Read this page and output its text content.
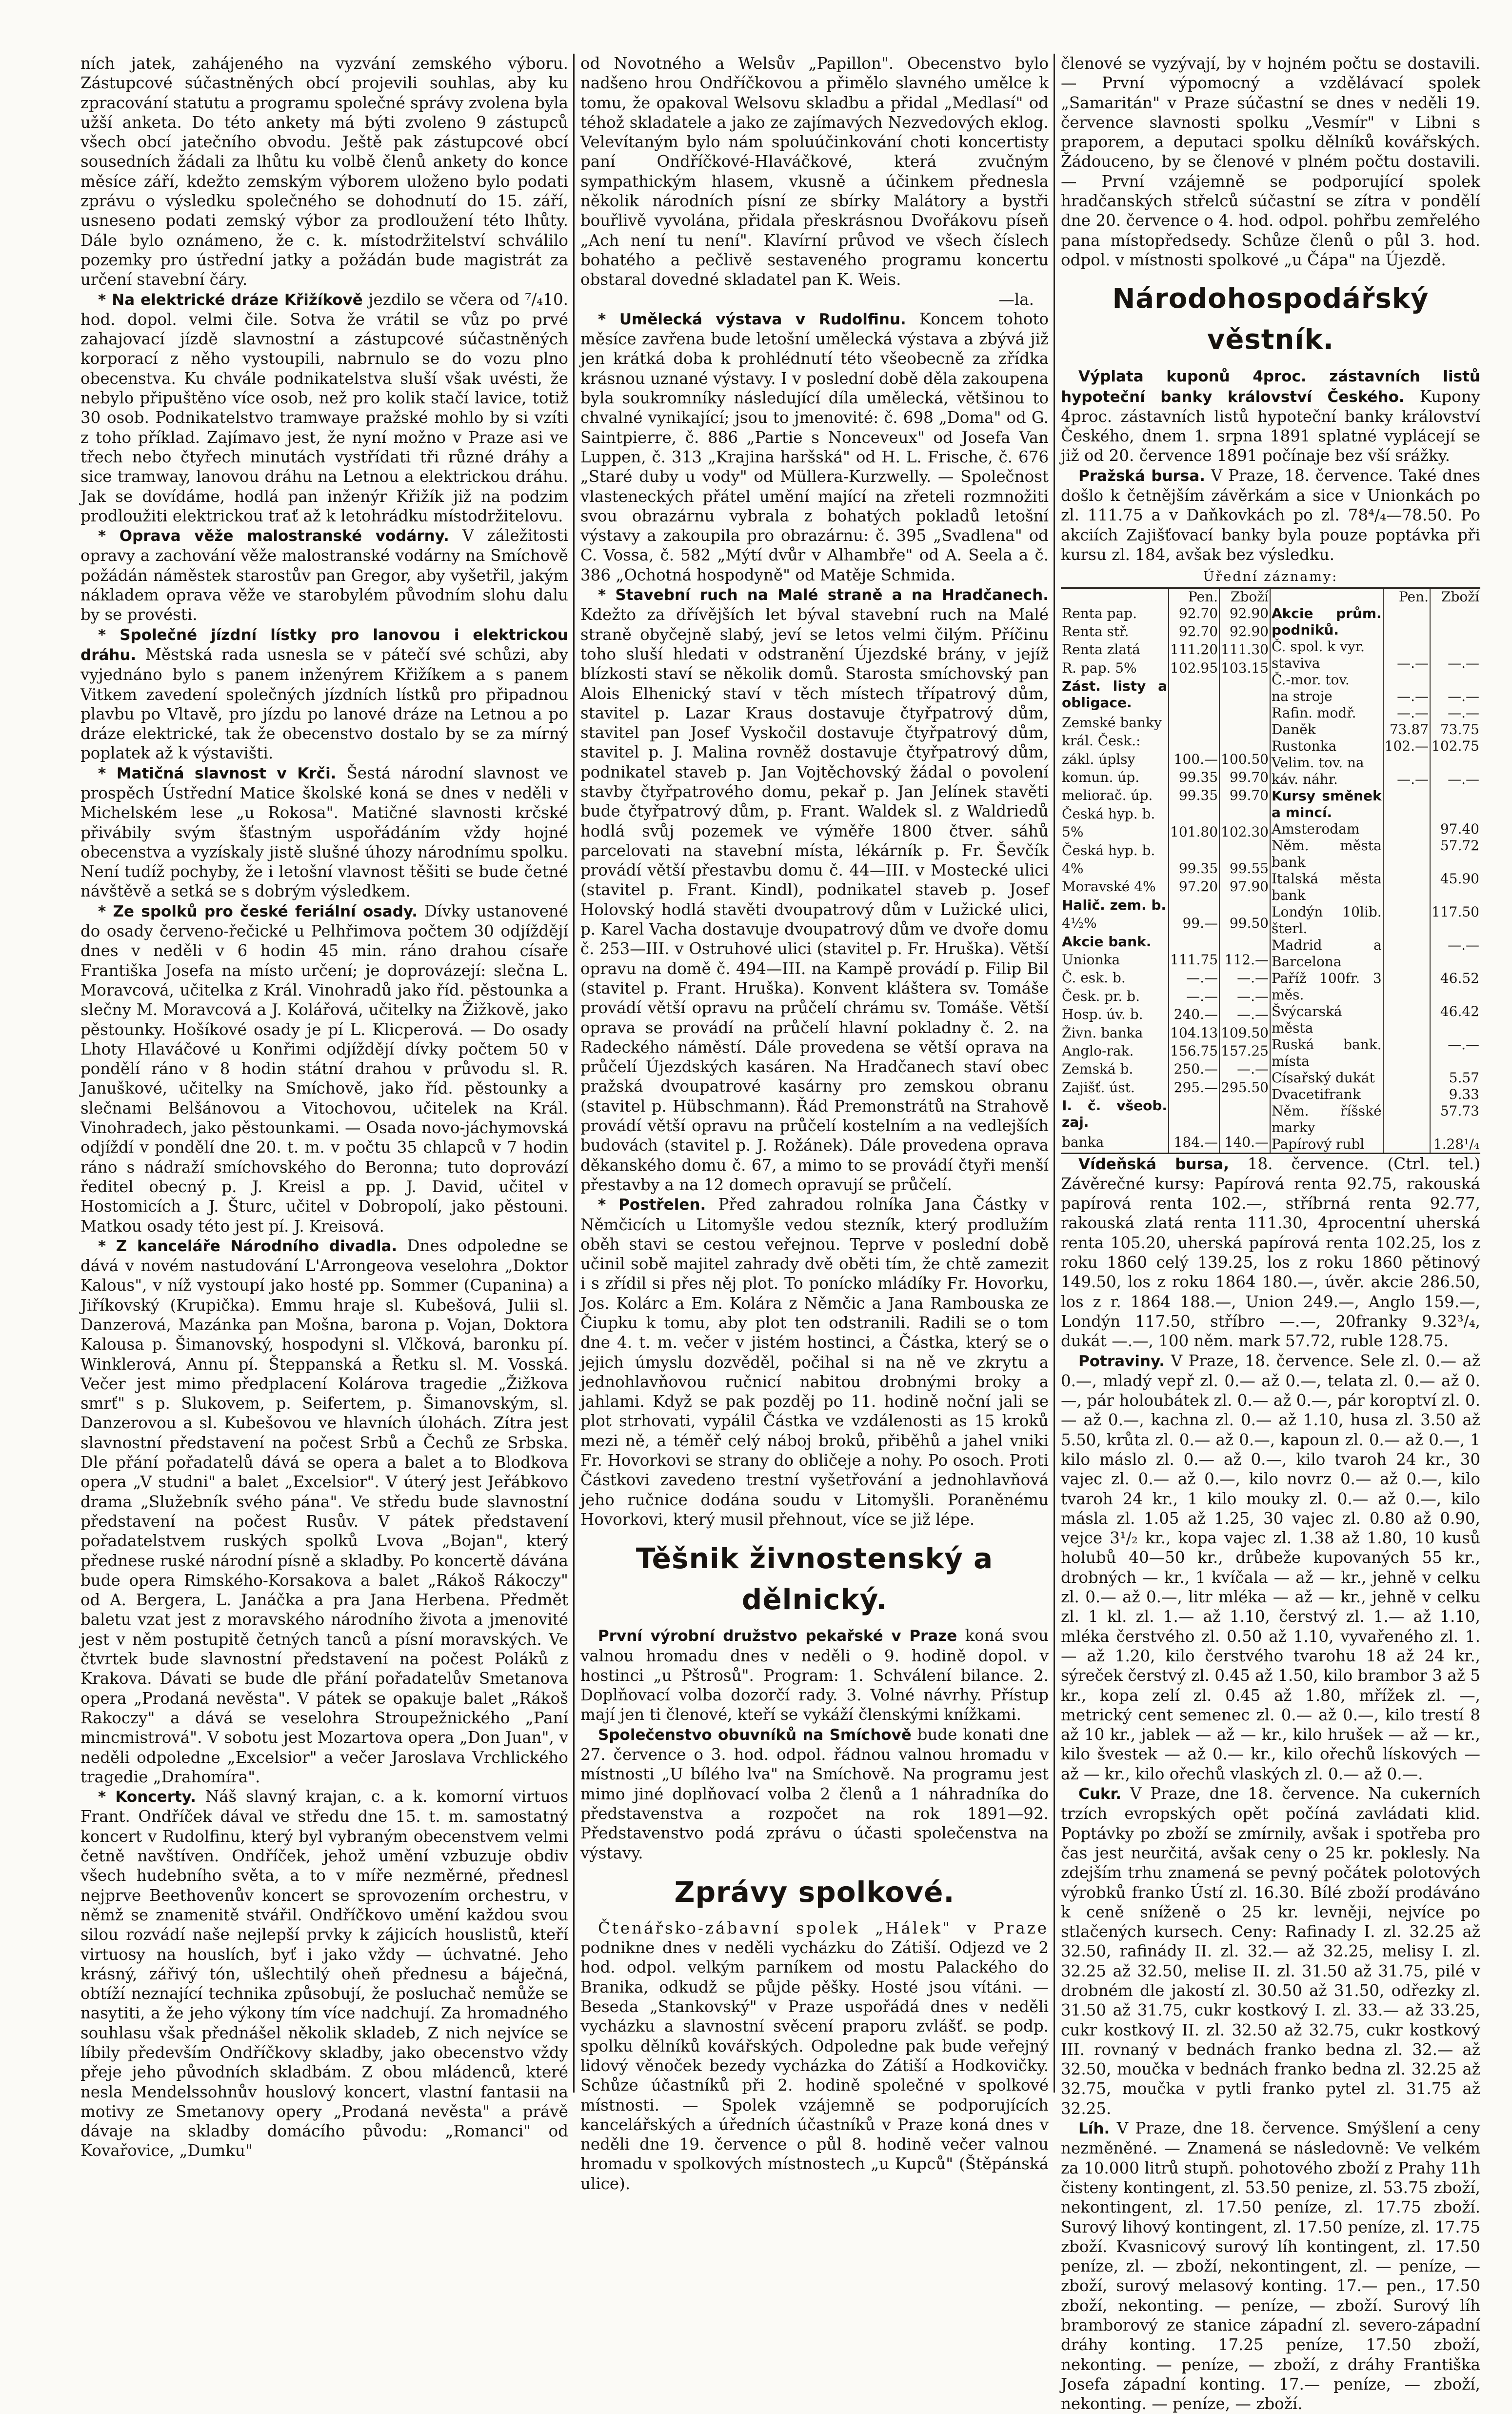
ních jatek, zahájeného na vyzvání zemského výboru. Zástupcové súčastněných obcí projevili souhlas, aby ku zpracování statutu a programu společné správy zvolena byla užší anketa. Do této ankety má býti zvoleno 9 zástupců všech obcí jatečního obvodu. Ještě pak zástupcové obcí sousedních žádali za lhůtu ku volbě členů ankety do konce měsíce září, kdežto zemským výborem uloženo bylo podati zprávu o výsledku společného se dohodnutí do 15. září, usneseno podati zemský výbor za prodloužení této lhůty. Dále bylo oznámeno, že c. k. místodržitelství schválilo pozemky pro ústřední jatky a požádán bude magistrát za určení stavební čáry.

* Na elektrické dráze Křižíkově jezdilo se včera od ⁷/₄10. hod. dopol. velmi čile. Sotva že vrátil se vůz po prvé zahajovací jízdě slavnostní a zástupcové súčastněných korporací z něho vystoupili, nabrnulo se do vozu plno obecenstva. Ku chvále podnikatelstva sluší však uvésti, že nebylo připuštěno více osob, než pro kolik stačí lavice, totiž 30 osob. Podnikatelstvo tramwaye pražské mohlo by si vzíti z toho příklad. Zajímavo jest, že nyní možno v Praze asi ve třech nebo čtyřech minutách vystřídati tři různé dráhy a sice tramway, lanovou dráhu na Letnou a elektrickou dráhu. Jak se dovídáme, hodlá pan inženýr Křižík již na podzim prodloužiti elektrickou trať až k letohrádku místodržitelovu.

* Oprava věže malostranské vodárny. V záležitosti opravy a zachování věže malostranské vodárny na Smíchově požádán náměstek starostův pan Gregor, aby vyšetřil, jakým nákladem oprava věže ve starobylém původním slohu dalu by se provésti.

* Společné jízdní lístky pro lanovou i elektrickou dráhu. Městská rada usnesla se v pátečí své schůzi, aby vyjednáno bylo s panem inženýrem Křižíkem a s panem Vitkem zavedení společných jízdních lístků pro připadnou plavbu po Vltavě, pro jízdu po lanové dráze na Letnou a po dráze elektrické, tak že obecenstvo dostalo by se za mírný poplatek až k výstavišti.

* Matičná slavnost v Krči. Šestá národní slavnost ve prospěch Ústřední Matice školské koná se dnes v neděli v Michelském lese „u Rokosa". Matičné slavnosti krčské přivábily svým šťastným uspořádáním vždy hojné obecenstva a vyzískaly jistě slušné úhozy národnímu spolku. Není tudíž pochyby, že i letošní vlavnost těšiti se bude četné návštěvě a setká se s dobrým výsledkem.

* Ze spolků pro české feriální osady. Dívky ustanovené do osady červeno-řečické u Pelhřimova počtem 30 odjíždějí dnes v neděli v 6 hodin 45 min. ráno drahou císaře Františka Josefa na místo určení; je doprovázejí: slečna L. Moravcová, učitelka z Král. Vinohradů jako říd. pěstounka a slečny M. Moravcová a J. Kolářová, učitelky na Žižkově, jako pěstounky. Hošíkové osady je pí L. Klicperová. — Do osady Lhoty Hlaváčové u Konřimi odjíždějí dívky počtem 50 v pondělí ráno v 8 hodin státní drahou v průvodu sl. R. Januškové, učitelky na Smíchově, jako říd. pěstounky a slečnami Belšánovou a Vitochovou, učitelek na Král. Vinohradech, jako pěstounkami. — Osada novo-jáchymovská odjíždí v pondělí dne 20. t. m. v počtu 35 chlapců v 7 hodin ráno s nádraží smíchovského do Beronna; tuto doprovází ředitel obecný p. J. Kreisl a pp. J. David, učitel v Hostomicích a J. Šturc, učitel v Dobropolí, jako pěstouni. Matkou osady této jest pí. J. Kreisová.

* Z kanceláře Národního divadla. Dnes odpoledne se dává v novém nastudování L'Arrongeova veselohra „Doktor Kalous", v níž vystoupí jako hosté pp. Sommer (Cupanina) a Jiříkovský (Krupička). Emmu hraje sl. Kubešová, Julii sl. Danzerová, Mazánka pan Mošna, barona p. Vojan, Doktora Kalousa p. Šimanovský, hospodyni sl. Vlčková, baronku pí. Winklerová, Annu pí. Šteppanská a Řetku sl. M. Vosská. Večer jest mimo předplacení Kolárova tragedie „Žižkova smrť" s p. Slukovem, p. Seifertem, p. Šimanovským, sl. Danzerovou a sl. Kubešovou ve hlavních úlohách. Zítra jest slavnostní představení na počest Srbů a Čechů ze Srbska. Dle přání pořadatelů dává se opera a balet a to Blodkova opera „V studni" a balet „Excelsior". V úterý jest Jeřábkovo drama „Služebník svého pána". Ve středu bude slavnostní představení na počest Rusův. V pátek představení pořadatelstvem ruských spolků Lvova „Bojan", který přednese ruské národní písně a skladby. Po koncertě dávána bude opera Rimského-Korsakova a balet „Rákoš Rákoczy" od A. Bergera, L. Janáčka a pra Jana Herbena. Předmět baletu vzat jest z moravského národního života a jmenovité jest v něm postupitě četných tanců a písní moravských. Ve čtvrtek bude slavnostní představení na počest Poláků z Krakova. Dávati se bude dle přání pořadatelův Smetanova opera „Prodaná nevěsta". V pátek se opakuje balet „Rákoš Rakoczy" a dává se veselohra Stroupežnického „Paní mincmistrová". V sobotu jest Mozartova opera „Don Juan", v neděli odpoledne „Excelsior" a večer Jaroslava Vrchlického tragedie „Drahomíra".

* Koncerty. Náš slavný krajan, c. a k. komorní virtuos Frant. Ondříček dával ve středu dne 15. t. m. samostatný koncert v Rudolfinu, který byl vybraným obecenstvem velmi četně navštíven. Ondříček, jehož umění vzbuzuje obdiv všech hudebního světa, a to v míře nezměrné, přednesl nejprve Beethovenův koncert se sprovozením orchestru, v němž se znamenitě stvářil. Ondříčkovo umění každou svou silou rozvádí naše nejlepší prvky k zájicích houslistů, kteří virtuosy na houslích, byť i jako vždy — úchvatné. Jeho krásný, zářivý tón, ušlechtilý oheň přednesu a báječná, obtíží neznající technika způsobují, že posluchač nemůže se nasytiti, a že jeho výkony tím více nadchují. Za hromadného souhlasu však přednášel několik skladeb, Z nich nejvíce se líbily především Ondříčkovy skladby, jako obecenstvo vždy přeje jeho původních skladbám. Z obou mládenců, které nesla Mendelssohnův houslový koncert, vlastní fantasii na motivy ze Smetanovy opery „Prodaná nevěsta" a právě dávaje na skladby domácího původu: „Romanci" od Kovařovice, „Dumku"

od Novotného a Welsův „Papillon". Obecenstvo bylo nadšeno hrou Ondříčkovou a přimělo slavného umělce k tomu, že opakoval Welsovu skladbu a přidal „Medlasí" od téhož skladatele a jako ze zajímavých Nezvedových eklog. Velevítaným bylo nám spoluúčinkování choti koncertisty paní Ondříčkové-Hlaváčkové, která zvučným sympathickým hlasem, vkusně a účinkem přednesla několik národních písní ze sbírky Malátory a bystři bouřlivě vyvolána, přidala přeskrásnou Dvořákovu píseň „Ach není tu není". Klavírní průvod ve všech číslech bohatého a pečlivě sestaveného programu koncertu obstaral dovedné skladatel pan K. Weis.

—la.

* Umělecká výstava v Rudolfinu. Koncem tohoto měsíce zavřena bude letošní umělecká výstava a zbývá již jen krátká doba k prohlédnutí této všeobecně za zřídka krásnou uznané výstavy. I v poslední době děla zakoupena byla soukromníky následující díla umělecká, většinou to chvalné vynikající; jsou to jmenovité: č. 698 „Doma" od G. Saintpierre, č. 886 „Partie s Nonceveux" od Josefa Van Luppen, č. 313 „Krajina haršská" od H. L. Frische, č. 676 „Staré duby u vody" od Müllera-Kurzwelly. — Společnost vlasteneckých přátel umění mající na zřeteli rozmnožiti svou obrazárnu vybrala z bohatých pokladů letošní výstavy a zakoupila pro obrazárnu: č. 395 „Svadlena" od C. Vossa, č. 582 „Mýtí dvůr v Alhambře" od A. Seela a č. 386 „Ochotná hospodyně" od Matěje Schmida.

* Stavební ruch na Malé straně a na Hradčanech. Kdežto za dřívějších let býval stavební ruch na Malé straně obyčejně slabý, jeví se letos velmi čilým. Příčinu toho sluší hledati v odstranění Újezdské brány, v jejíž blízkosti staví se několik domů. Starosta smíchovský pan Alois Elhenický staví v těch místech třípatrový dům, stavitel p. Lazar Kraus dostavuje čtyřpatrový dům, stavitel pan Josef Vyskočil dostavuje čtyřpatrový dům, stavitel p. J. Malina rovněž dostavuje čtyřpatrový dům, podnikatel staveb p. Jan Vojtěchovský žádal o povolení stavby čtyřpatrového domu, pekař p. Jan Jelínek stavěti bude čtyřpatrový dům, p. Frant. Waldek sl. z Waldriedů hodlá svůj pozemek ve výměře 1800 čtver. sáhů parcelovati na stavební místa, lékárník p. Fr. Ševčík provádí větší přestavbu domu č. 44—III. v Mostecké ulici (stavitel p. Frant. Kindl), podnikatel staveb p. Josef Holovský hodlá stavěti dvoupatrový dům v Lužické ulici, p. Karel Vacha dostavuje dvoupatrový dům ve dvoře domu č. 253—III. v Ostruhové ulici (stavitel p. Fr. Hruška). Větší opravu na domě č. 494—III. na Kampě provádí p. Filip Bil (stavitel p. Frant. Hruška). Konvent kláštera sv. Tomáše provádí větší opravu na průčelí chrámu sv. Tomáše. Větší oprava se provádí na průčelí hlavní pokladny č. 2. na Radeckého náměstí. Dále provedena se větší oprava na průčelí Újezdských kasáren. Na Hradčanech staví obec pražská dvoupatrové kasárny pro zemskou obranu (stavitel p. Hübschmann). Řád Premonstrátů na Strahově provádí větší opravu na průčelí kostelním a na vedlejších budovách (stavitel p. J. Rožánek). Dále provedena oprava děkanského domu č. 67, a mimo to se provádí čtyři menší přestavby a na 12 domech opravují se průčelí.

* Postřelen. Před zahradou rolníka Jana Částky v Němčicích u Litomyšle vedou stezník, který prodlužím oběh stavi se cestou veřejnou. Teprve v poslední době učinil sobě majitel zahrady dvě oběti tím, že chtě zamezit i s zřídil si přes něj plot. To ponícko mládíky Fr. Hovorku, Jos. Kolárc a Em. Kolára z Němčic a Jana Rambouska ze Čiupku k tomu, aby plot ten odstranili. Radili se o tom dne 4. t. m. večer v jistém hostinci, a Částka, který se o jejich úmyslu dozvěděl, počihal si na ně ve zkrytu a jednohlavňovou ručnicí nabitou drobnými broky a jahlami. Když se pak pozděj po 11. hodině noční jali se plot strhovati, vypálil Částka ve vzdálenosti as 15 kroků mezi ně, a téměř celý náboj broků, přiběhů a jahel vniki Fr. Hovorkovi se strany do obličeje a nohy. Po osoch. Proti Částkovi zavedeno trestní vyšetřování a jednohlavňová jeho ručnice dodána soudu v Litomyšli. Poraněnému Hovorkovi, který musil přehnout, více se již lépe.

Těšnik živnostenský a dělnický.

První výrobní družstvo pekařské v Praze koná svou valnou hromadu dnes v neděli o 9. hodině dopol. v hostinci „u Pštrosů". Program: 1. Schválení bilance. 2. Doplňovací volba dozorčí rady. 3. Volné návrhy. Přístup mají jen ti členové, kteří se vykáží členskými knížkami.

Společenstvo obuvníků na Smíchově bude konati dne 27. července o 3. hod. odpol. řádnou valnou hromadu v místnosti „U bílého lva" na Smíchově. Na programu jest mimo jiné doplňovací volba 2 členů a 1 náhradníka do představenstva a rozpočet na rok 1891—92. Představenstvo podá zprávu o účasti společenstva na výstavy.

Zprávy spolkové.

Čtenářsko-zábavní spolek „Hálek" v Praze podnikne dnes v neděli vycházku do Zátiší. Odjezd ve 2 hod. odpol. velkým parníkem od mostu Palackého do Branika, odkudž se půjde pěšky. Hosté jsou vítáni. — Beseda „Stankovský" v Praze uspořádá dnes v neděli vycházku a slavnostní svěcení praporu zvlášť. se podp. spolku dělníků kovářských. Odpoledne pak bude veřejný lidový věnoček bezedy vycházka do Zátiší a Hodkovičky. Schůze účastníků při 2. hodině společné v spolkové místnosti. — Spolek vzájemně se podporujících kancelářských a úředních účastníků v Praze koná dnes v neděli dne 19. července o půl 8. hodině večer valnou hromadu v spolkových místnostech „u Kupců" (Štěpánská ulice).

členové se vyzývají, by v hojném počtu se dostavili. — První výpomocný a vzdělávací spolek „Samaritán" v Praze súčastní se dnes v neděli 19. července slavnosti spolku „Vesmír" v Libni s praporem, a deputaci spolku dělníků kovářských. Žádouceno, by se členové v plném počtu dostavili. — První vzájemně se podporující spolek hradčanských střelců súčastní se zítra v pondělí dne 20. července o 4. hod. odpol. pohřbu zemřelého pana místopředsedy. Schůze členů o půl 3. hod. odpol. v místnosti spolkové „u Čápa" na Újezdě.

Národohospodářský věstník.

Výplata kuponů 4proc. zástavních listů hypoteční banky království Českého. Kupony 4proc. zástavních listů hypoteční banky království Českého, dnem 1. srpna 1891 splatné vyplácejí se již od 20. července 1891 počínaje bez vší srážky.

Pražská bursa. V Praze, 18. července. Také dnes došlo k četnějším závěrkám a sice v Unionkách po zl. 111.75 a v Daňkovkách po zl. 78⁴/₄—78.50. Po akciích Zajišťovací banky byla pouze poptávka při kursu zl. 184, avšak bez výsledku.

Úřední záznamy:
	Pen.	Zboží
Renta pap.	92.70	92.90
Renta stř.	92.70	92.90
Renta zlatá	111.20	111.30
R. pap. 5%	102.95	103.15
Zást. listy a obligace.		
Zemské banky		
král. Česk.:		
zákl. úplsy	100.—	100.50
komun. úp.	99.35	99.70
meliorač. úp.	99.35	99.70
Česká hyp. b.		
5%	101.80	102.30
Česká hyp. b.		
4%	99.35	99.55
Moravské 4%	97.20	97.90
Halič. zem. b.		
4½%	99.—	99.50
Akcie bank.		
Unionka	111.75	112.—
Č. esk. b.	—.—	—.—
Česk. pr. b.	—.—	—.—
Hosp. úv. b.	240.—	—.—
Živn. banka	104.13	109.50
Anglo-rak.	156.75	157.25
Zemská b.	250.—	—.—
Zajišť. úst.	295.—	295.50
I. č. všeob. zaj.		
banka	184.—	140.—
	Pen.	Zboží
Akcie prům. podniků.		
Č. spol. k vyr.		
staviva	—.—	—.—
Č.-mor. tov.		
na stroje	—.—	—.—
Rafin. modř.	—.—	—.—
Daněk	73.87	73.75
Rustonka	102.—	102.75
Velim. tov. na		
káv. náhr.	—.—	—.—
Kursy směnek a mincí.		
Amsterodam		97.40
Něm. města bank		57.72
Italská města bank		45.90
Londýn 10lib. šterl.		117.50
Madrid a Barcelona		—.—
Paříž 100fr. 3 měs.		46.52
Švýcarská města		46.42
Ruská bank. místa		—.—
Císařský dukát		5.57
Dvacetifrank		9.33
Něm. říšské marky		57.73
Papírový rubl		1.28¹/₄

Vídeňská bursa, 18. července. (Ctrl. tel.) Závěrečné kursy: Papírová renta 92.75, rakouská papírová renta 102.—, stříbrná renta 92.77, rakouská zlatá renta 111.30, 4procentní uherská renta 105.20, uherská papírová renta 102.25, los z roku 1860 celý 139.25, los z roku 1860 pětinový 149.50, los z roku 1864 180.—, úvěr. akcie 286.50, los z r. 1864 188.—, Union 249.—, Anglo 159.—, Londýn 117.50, stříbro —.—, 20franky 9.32³/₄, dukát —.—, 100 něm. mark 57.72, ruble 128.75.

Potraviny. V Praze, 18. července. Sele zl. 0.— až 0.—, mladý vepř zl. 0.— až 0.—, telata zl. 0.— až 0.—, pár holoubátek zl. 0.— až 0.—, pár koroptví zl. 0.— až 0.—, kachna zl. 0.— až 1.10, husa zl. 3.50 až 5.50, krůta zl. 0.— až 0.—, kapoun zl. 0.— až 0.—, 1 kilo máslo zl. 0.— až 0.—, kilo tvaroh 24 kr., 30 vajec zl. 0.— až 0.—, kilo novrz 0.— až 0.—, kilo tvaroh 24 kr., 1 kilo mouky zl. 0.— až 0.—, kilo másla zl. 1.05 až 1.25, 30 vajec zl. 0.80 až 0.90, vejce 3¹/₂ kr., kopa vajec zl. 1.38 až 1.80, 10 kusů holubů 40—50 kr., drůbeže kupovaných 55 kr., drobných — kr., 1 kvíčala — až — kr., jehně v celku zl. 0.— až 0.—, litr mléka — až — kr., jehně v celku zl. 1 kl. zl. 1.— až 1.10, čerstvý zl. 1.— až 1.10, mléka čerstvého zl. 0.50 až 1.10, vyvařeného zl. 1.— až 1.20, kilo čerstvého tvarohu 18 až 24 kr., sýreček čerstvý zl. 0.45 až 1.50, kilo brambor 3 až 5 kr., kopa zelí zl. 0.45 až 1.80, mřížek zl. —, metrický cent semenec zl. 0.— až 0.—, kilo trestí 8 až 10 kr., jablek — až — kr., kilo hrušek — až — kr., kilo švestek — až 0.— kr., kilo ořechů lískových — až — kr., kilo ořechů vlaských zl. 0.— až 0.—.

Cukr. V Praze, dne 18. července. Na cukerních trzích evropských opět počíná zavládati klid. Poptávky po zboží se zmírnily, avšak i spotřeba pro čas jest neurčitá, avšak ceny o 25 kr. poklesly. Na zdejším trhu znamená se pevný počátek polotových výrobků franko Ústí zl. 16.30. Bílé zboží prodáváno k ceně sníženě o 25 kr. levněji, nejvíce po stlačených kursech. Ceny: Rafinady I. zl. 32.25 až 32.50, rafinády II. zl. 32.— až 32.25, melisy I. zl. 32.25 až 32.50, melise II. zl. 31.50 až 31.75, pilé v drobném dle jakostí zl. 30.50 až 31.50, odřezky zl. 31.50 až 31.75, cukr kostkový I. zl. 33.— až 33.25, cukr kostkový II. zl. 32.50 až 32.75, cukr kostkový III. rovnaný v bednách franko bedna zl. 32.— až 32.50, moučka v bednách franko bedna zl. 32.25 až 32.75, moučka v pytli franko pytel zl. 31.75 až 32.25.

Líh. V Praze, dne 18. července. Smýšlení a ceny nezměněné. — Znamená se následovně: Ve velkém za 10.000 litrů stupň. pohotového zboží z Prahy 11h čisteny kontingent, zl. 53.50 penize, zl. 53.75 zboží, nekontingent, zl. 17.50 peníze, zl. 17.75 zboží. Surový lihový kontingent, zl. 17.50 peníze, zl. 17.75 zboží. Kvasnicový surový líh kontingent, zl. 17.50 peníze, zl. — zboží, nekontingent, zl. — peníze, — zboží, surový melasový konting. 17.— pen., 17.50 zboží, nekonting. — peníze, — zboží. Surový líh bramborový ze stanice západní zl. severo-západní dráhy konting. 17.25 peníze, 17.50 zboží, nekonting. — peníze, — zboží, z dráhy Františka Josefa západní konting. 17.— peníze, — zboží, nekonting. — peníze, — zboží.
